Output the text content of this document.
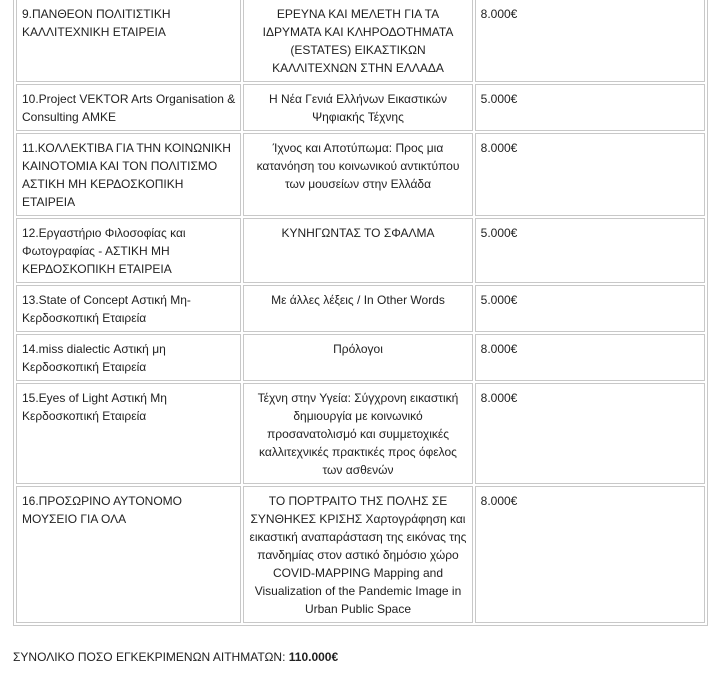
9.ΠΑΝΘΕΟΝ ΠΟΛΙΤΙΣΤΙΚΗ ΚΑΛΛΙΤΕΧΝΙΚΗ ΕΤΑΙΡΕΙΑ	ΕΡΕΥΝΑ ΚΑΙ ΜΕΛΕΤΗ ΓΙΑ ΤΑ ΙΔΡΥΜΑΤΑ ΚΑΙ ΚΛΗΡΟΔΟΤΗΜΑΤΑ (ESTATES) ΕΙΚΑΣΤΙΚΩΝ ΚΑΛΛΙΤΕΧΝΩΝ ΣΤΗΝ ΕΛΛΑΔΑ	8.000€
10.Project VEKTOR Arts Organisation & Consulting ΑΜΚΕ	Η Νέα Γενιά Ελλήνων Εικαστικών Ψηφιακής Τέχνης	5.000€
11.ΚΟΛΛΕΚΤΙΒΑ ΓΙΑ ΤΗΝ ΚΟΙΝΩΝΙΚΗ ΚΑΙΝΟΤΟΜΙΑ ΚΑΙ ΤΟΝ ΠΟΛΙΤΙΣΜΟ ΑΣΤΙΚΗ ΜΗ ΚΕΡΔΟΣΚΟΠΙΚΗ ΕΤΑΙΡΕΙΑ	Ίχνος και Αποτύπωμα: Προς μια κατανόηση του κοινωνικού αντικτύπου των μουσείων στην Ελλάδα	8.000€
12.Εργαστήριο Φιλοσοφίας και Φωτογραφίας - ΑΣΤΙΚΗ ΜΗ ΚΕΡΔΟΣΚΟΠΙΚΗ ΕΤΑΙΡΕΙΑ	ΚΥΝΗΓΩΝΤΑΣ ΤΟ ΣΦΑΛΜΑ	5.000€
13.State of Concept Αστική Μη-Κερδοσκοπική Εταιρεία	Με άλλες λέξεις / In Other Words	5.000€
14.miss dialectic Αστική μη Κερδοσκοπική Εταιρεία	Πρόλογοι	8.000€
15.Eyes of Light Αστική Μη Κερδοσκοπική Εταιρεία	Τέχνη στην Υγεία: Σύγχρονη εικαστική δημιουργία με κοινωνικό προσανατολισμό και συμμετοχικές καλλιτεχνικές πρακτικές προς όφελος των ασθενών	8.000€
16.ΠΡΟΣΩΡΙΝΟ ΑΥΤΟΝΟΜΟ ΜΟΥΣΕΙΟ ΓΙΑ ΟΛΑ	ΤΟ ΠΟΡΤΡΑΙΤΟ ΤΗΣ ΠΟΛΗΣ ΣΕ ΣΥΝΘΗΚΕΣ ΚΡΙΣΗΣ Χαρτογράφηση και εικαστική αναπαράσταση της εικόνας της πανδημίας στον αστικό δημόσιο χώρο COVID-MAPPING Mapping and Visualization of the Pandemic Image in Urban Public Space	8.000€
ΣΥΝΟΛΙΚΟ ΠΟΣΟ ΕΓΚΕΚΡΙΜΕΝΩΝ ΑΙΤΗΜΑΤΩΝ: 110.000€
